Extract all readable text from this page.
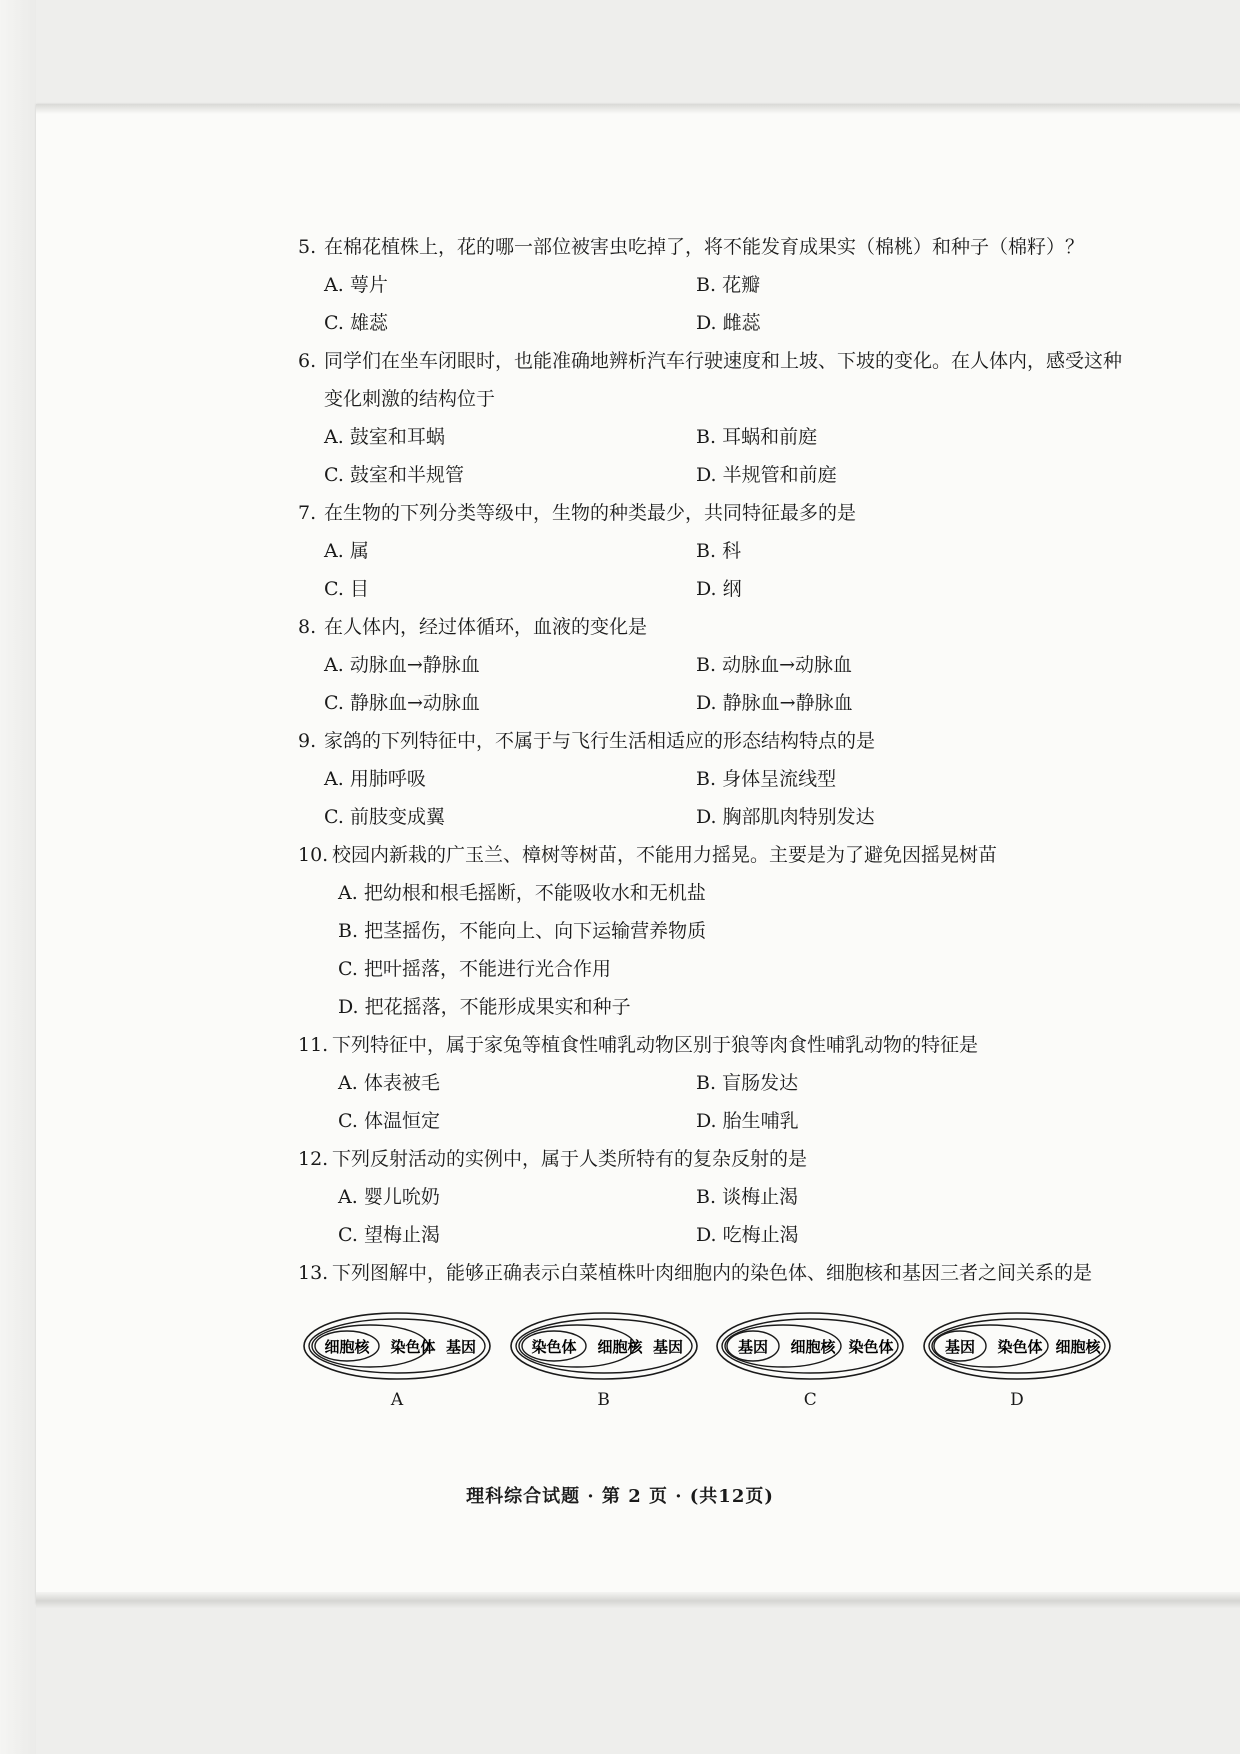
5. 在棉花植株上，花的哪一部位被害虫吃掉了，将不能发育成果实（棉桃）和种子（棉籽）？
A. 萼片	B. 花瓣
C. 雄蕊	D. 雌蕊
6. 同学们在坐车闭眼时，也能准确地辨析汽车行驶速度和上坡、下坡的变化。在人体内，感受这种变化刺激的结构位于
A. 鼓室和耳蜗	B. 耳蜗和前庭
C. 鼓室和半规管	D. 半规管和前庭
7. 在生物的下列分类等级中，生物的种类最少，共同特征最多的是
A. 属	B. 科
C. 目	D. 纲
8. 在人体内，经过体循环，血液的变化是
A. 动脉血→静脉血	B. 动脉血→动脉血
C. 静脉血→动脉血	D. 静脉血→静脉血
9. 家鸽的下列特征中，不属于与飞行生活相适应的形态结构特点的是
A. 用肺呼吸	B. 身体呈流线型
C. 前肢变成翼	D. 胸部肌肉特别发达
10. 校园内新栽的广玉兰、樟树等树苗，不能用力摇晃。主要是为了避免因摇晃树苗
A. 把幼根和根毛摇断，不能吸收水和无机盐
B. 把茎摇伤，不能向上、向下运输营养物质
C. 把叶摇落，不能进行光合作用
D. 把花摇落，不能形成果实和种子
11. 下列特征中，属于家兔等植食性哺乳动物区别于狼等肉食性哺乳动物的特征是
A. 体表被毛	B. 盲肠发达
C. 体温恒定	D. 胎生哺乳
12. 下列反射活动的实例中，属于人类所特有的复杂反射的是
A. 婴儿吮奶	B. 谈梅止渴
C. 望梅止渴	D. 吃梅止渴
13. 下列图解中，能够正确表示白菜植株叶肉细胞内的染色体、细胞核和基因三者之间关系的是
细胞核 染色体 基因
A
染色体 细胞核 基因
B
基因 细胞核 染色体
C
基因 染色体 细胞核
D
理科综合试题 · 第 2 页 · (共12页)
